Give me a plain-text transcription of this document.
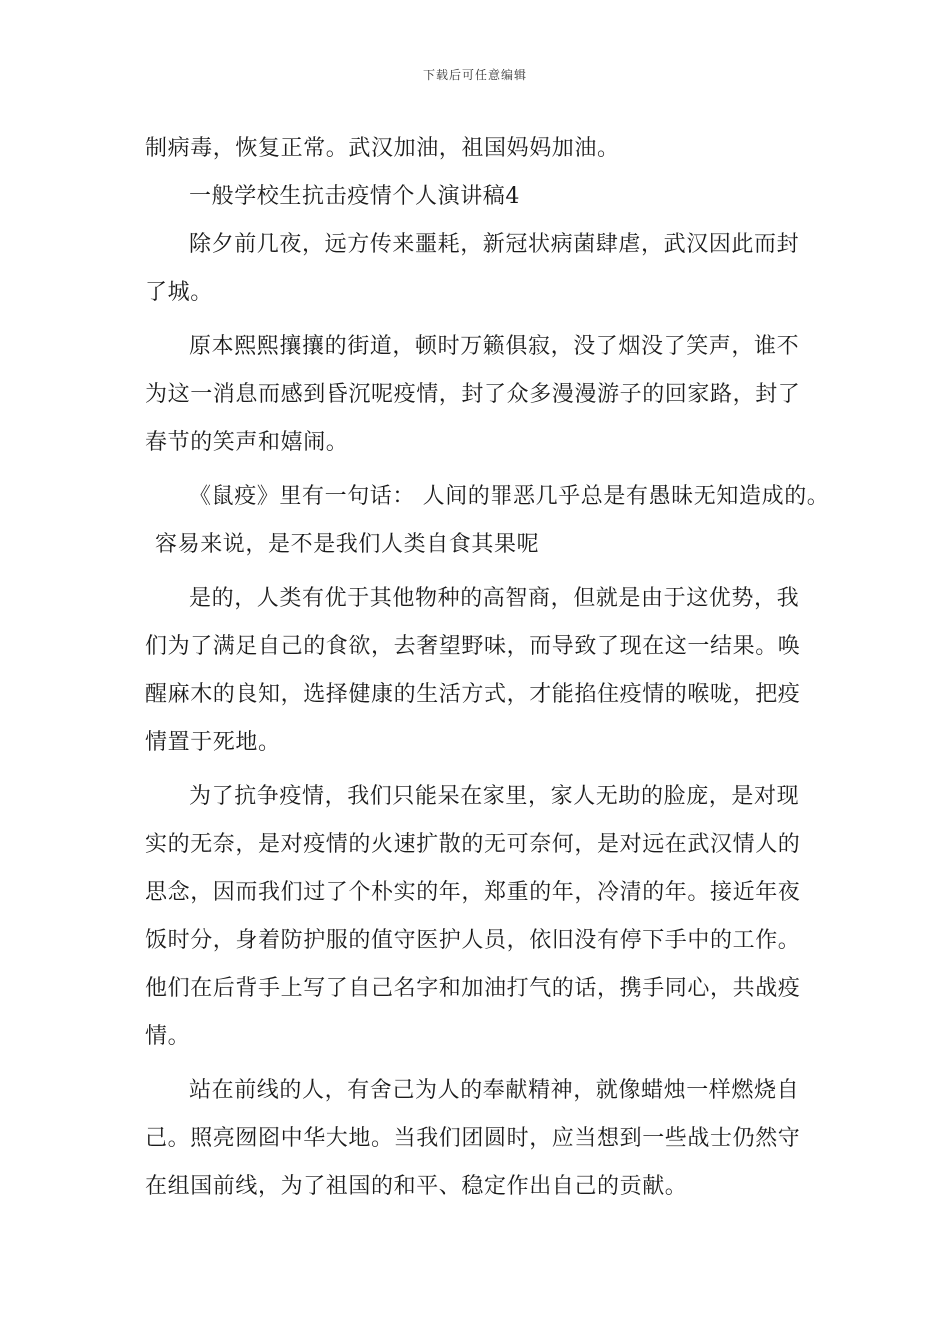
下载后可任意编辑
制病毒，恢复正常。武汉加油，祖国妈妈加油。
一般学校生抗击疫情个人演讲稿4
除夕前几夜，远方传来噩耗，新冠状病菌肆虐，武汉因此而封
了城。
原本熙熙攘攘的街道，顿时万籁俱寂，没了烟没了笑声，谁不
为这一消息而感到昏沉呢疫情，封了众多漫漫游子的回家路，封了
春节的笑声和嬉闹。
《鼠疫》里有一句话： 人间的罪恶几乎总是有愚昧无知造成的。
容易来说，是不是我们人类自食其果呢
是的，人类有优于其他物种的高智商，但就是由于这优势，我
们为了满足自己的食欲，去奢望野味，而导致了现在这一结果。唤
醒麻木的良知，选择健康的生活方式，才能掐住疫情的喉咙，把疫
情置于死地。
为了抗争疫情，我们只能呆在家里，家人无助的脸庞，是对现
实的无奈，是对疫情的火速扩散的无可奈何，是对远在武汉情人的
思念，因而我们过了个朴实的年，郑重的年，冷清的年。接近年夜
饭时分，身着防护服的值守医护人员，依旧没有停下手中的工作。
他们在后背手上写了自己名字和加油打气的话，携手同心，共战疫
情。
站在前线的人，有舍己为人的奉献精神，就像蜡烛一样燃烧自
己。照亮囫囵中华大地。当我们团圆时，应当想到一些战士仍然守
在组国前线，为了祖国的和平、稳定作出自己的贡献。
